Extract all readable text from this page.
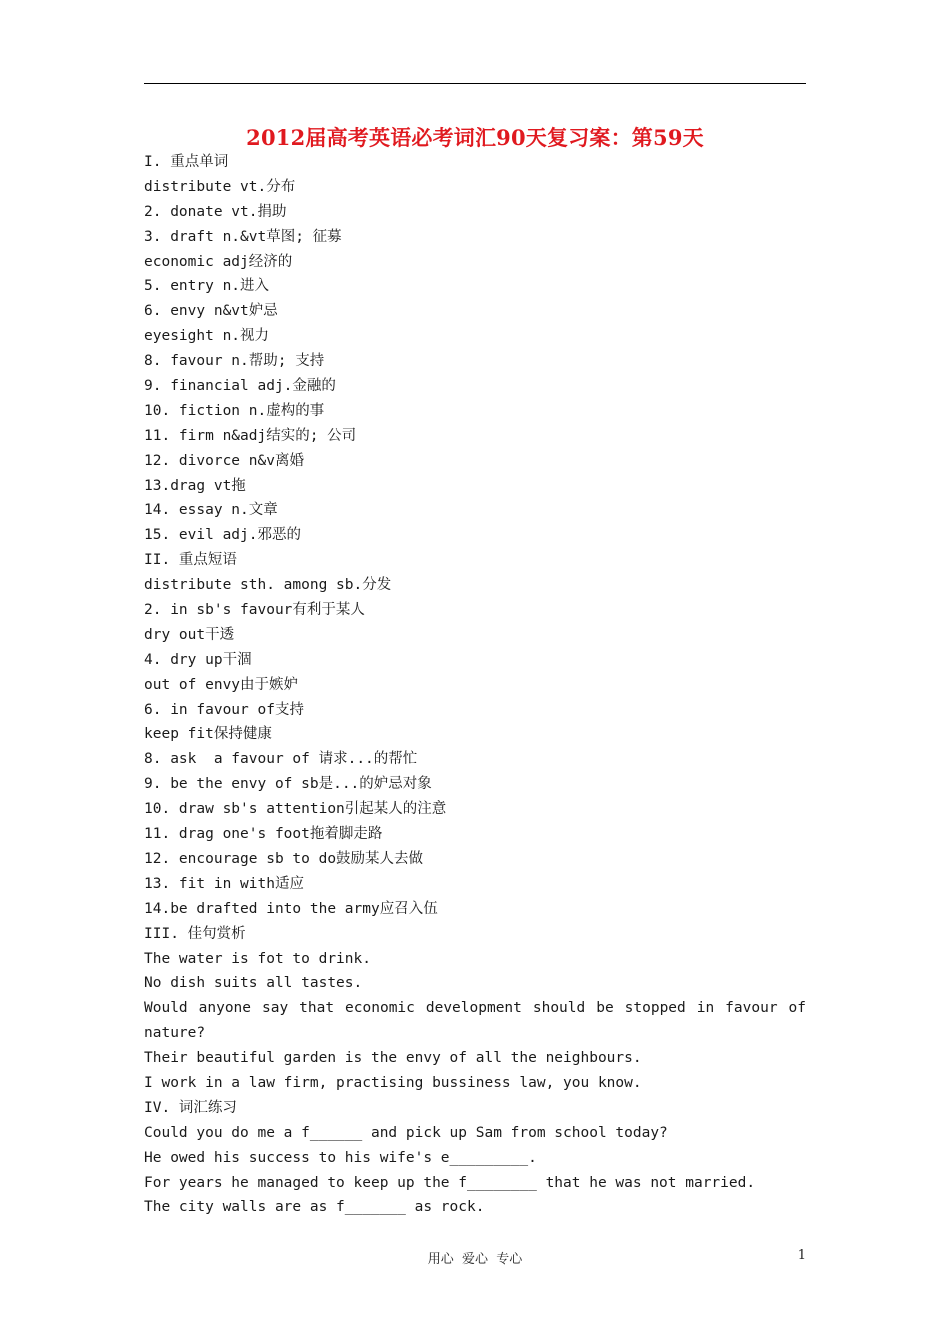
2012届高考英语必考词汇90天复习案：第59天
I. 重点单词
distribute vt.分布
2. donate vt.捐助
3. draft n.&vt草图; 征募
economic adj经济的
5. entry n.进入
6. envy n&vt妒忌
eyesight n.视力
8. favour n.帮助; 支持
9. financial adj.金融的
10. fiction n.虚构的事
11. firm n&adj结实的; 公司
12. divorce n&v离婚
13.drag vt拖
14. essay n.文章
15. evil adj.邪恶的
II. 重点短语
distribute sth. among sb.分发
2. in sb's favour有利于某人
dry out干透
4. dry up干涸
out of envy由于嫉妒
6. in favour of支持
keep fit保持健康
8. ask  a favour of 请求...的帮忙
9. be the envy of sb是...的妒忌对象
10. draw sb's attention引起某人的注意
11. drag one's foot拖着脚走路
12. encourage sb to do鼓励某人去做
13. fit in with适应
14.be drafted into the army应召入伍
III. 佳句赏析
The water is fot to drink.
No dish suits all tastes.
Would anyone say that economic development should be stopped in favour of
nature?
Their beautiful garden is the envy of all the neighbours.
I work in a law firm, practising bussiness law, you know.
IV. 词汇练习
Could you do me a f______ and pick up Sam from school today?
He owed his success to his wife's e_________.
For years he managed to keep up the f________ that he was not married.
The city walls are as f_______ as rock.
用心  爱心  专心	1
